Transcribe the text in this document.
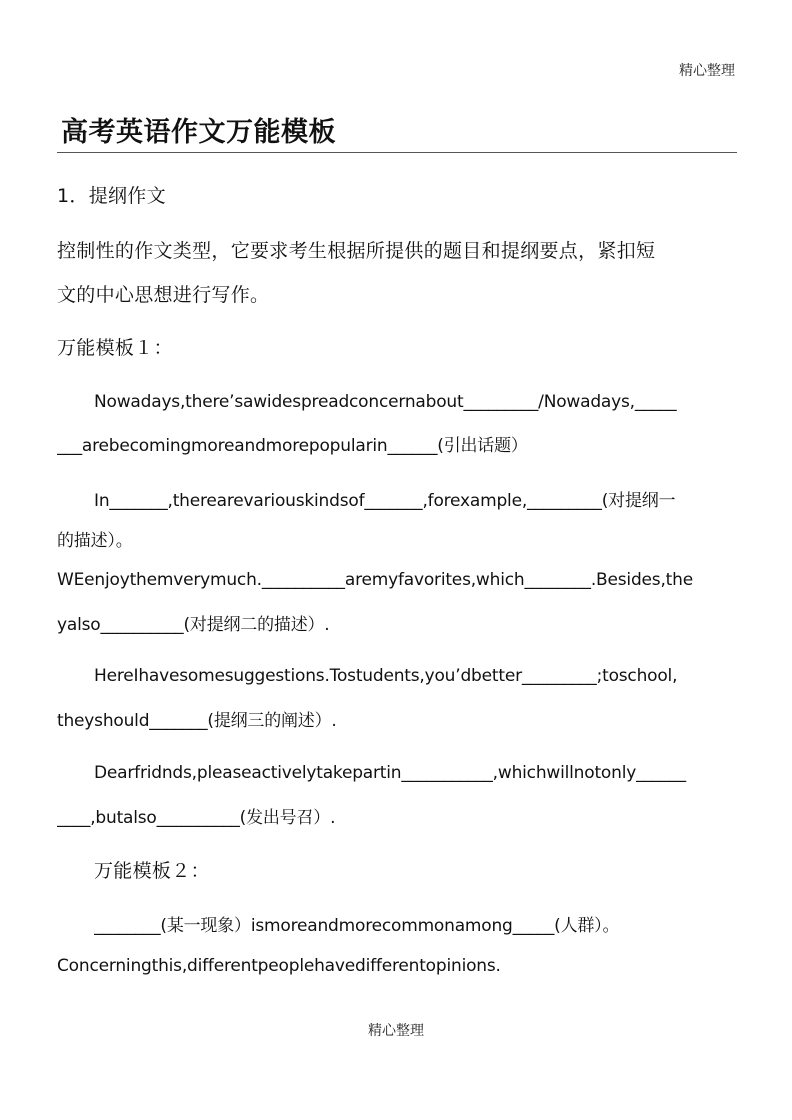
精心整理
高考英语作文万能模板
1．提纲作文
控制性的作文类型，它要求考生根据所提供的题目和提纲要点，紧扣短
文的中心思想进行写作。
万能模板１：
Nowadays,there’sawidespreadconcernabout_________/Nowadays,_____
___arebecomingmoreandmorepopularin______(引出话题）
In_______,therearevariouskindsof_______,forexample,_________(对提纲一
的描述）。
WEenjoythemverymuch.__________aremyfavorites,which________.Besides,the
yalso__________(对提纲二的描述）.
HereIhavesomesuggestions.Tostudents,you’dbetter_________;toschool,
theyshould_______(提纲三的阐述）.
Dearfridnds,pleaseactivelytakepartin___________,whichwillnotonly______
____,butalso__________(发出号召）.
万能模板２：
________(某一现象）ismoreandmorecommonamong_____(人群）。
Concerningthis,differentpeoplehavedifferentopinions.
精心整理
